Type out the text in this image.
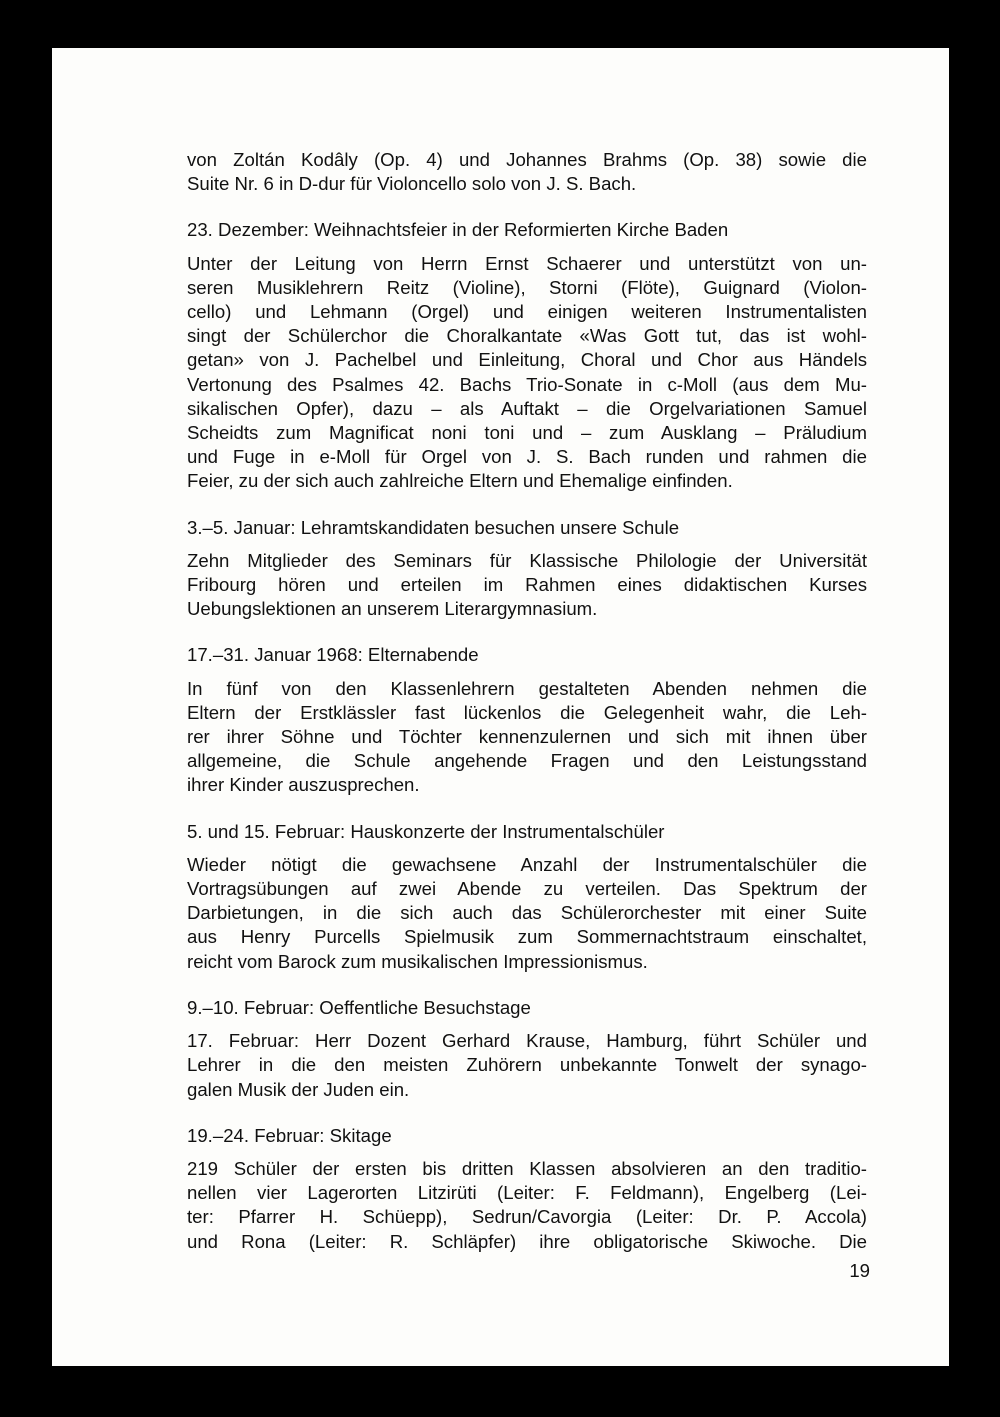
von Zoltán Kodâly (Op. 4) und Johannes Brahms (Op. 38) sowie die
Suite Nr. 6 in D-dur für Violoncello solo von J. S. Bach.

23. Dezember: Weihnachtsfeier in der Reformierten Kirche Baden

Unter der Leitung von Herrn Ernst Schaerer und unterstützt von un-
seren Musiklehrern Reitz (Violine), Storni (Flöte), Guignard (Violon-
cello) und Lehmann (Orgel) und einigen weiteren Instrumentalisten
singt der Schülerchor die Choralkantate «Was Gott tut, das ist wohl-
getan» von J. Pachelbel und Einleitung, Choral und Chor aus Händels
Vertonung des Psalmes 42. Bachs Trio-Sonate in c-Moll (aus dem Mu-
sikalischen Opfer), dazu – als Auftakt – die Orgelvariationen Samuel
Scheidts zum Magnificat noni toni und – zum Ausklang – Präludium
und Fuge in e-Moll für Orgel von J. S. Bach runden und rahmen die
Feier, zu der sich auch zahlreiche Eltern und Ehemalige einfinden.

3.–5. Januar: Lehramtskandidaten besuchen unsere Schule

Zehn Mitglieder des Seminars für Klassische Philologie der Universität
Fribourg hören und erteilen im Rahmen eines didaktischen Kurses
Uebungslektionen an unserem Literargymnasium.

17.–31. Januar 1968: Elternabende

In fünf von den Klassenlehrern gestalteten Abenden nehmen die
Eltern der Erstklässler fast lückenlos die Gelegenheit wahr, die Leh-
rer ihrer Söhne und Töchter kennenzulernen und sich mit ihnen über
allgemeine, die Schule angehende Fragen und den Leistungsstand
ihrer Kinder auszusprechen.

5. und 15. Februar: Hauskonzerte der Instrumentalschüler

Wieder nötigt die gewachsene Anzahl der Instrumentalschüler die
Vortragsübungen auf zwei Abende zu verteilen. Das Spektrum der
Darbietungen, in die sich auch das Schülerorchester mit einer Suite
aus Henry Purcells Spielmusik zum Sommernachtstraum einschaltet,
reicht vom Barock zum musikalischen Impressionismus.

9.–10. Februar: Oeffentliche Besuchstage

17. Februar: Herr Dozent Gerhard Krause, Hamburg, führt Schüler und
Lehrer in die den meisten Zuhörern unbekannte Tonwelt der synago-
galen Musik der Juden ein.

19.–24. Februar: Skitage

219 Schüler der ersten bis dritten Klassen absolvieren an den traditio-
nellen vier Lagerorten Litzirüti (Leiter: F. Feldmann), Engelberg (Lei-
ter: Pfarrer H. Schüepp), Sedrun/Cavorgia (Leiter: Dr. P. Accola)
und Rona (Leiter: R. Schläpfer) ihre obligatorische Skiwoche. Die

19
